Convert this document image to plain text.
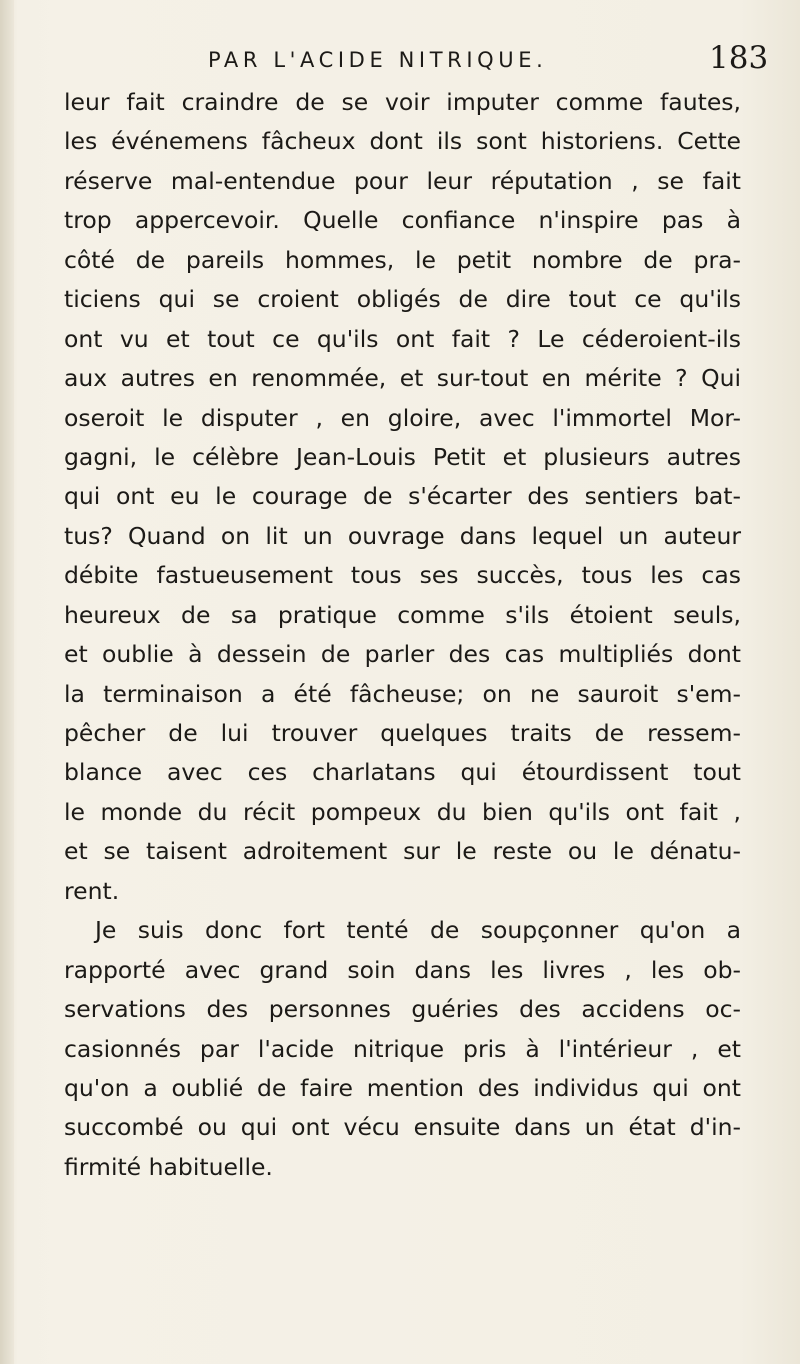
PAR L'ACIDE NITRIQUE.	183
leur fait craindre de se voir imputer comme fautes,
les événemens fâcheux dont ils sont historiens. Cette
réserve mal-entendue pour leur réputation , se fait
trop appercevoir. Quelle confiance n'inspire pas à
côté de pareils hommes, le petit nombre de pra-
ticiens qui se croient obligés de dire tout ce qu'ils
ont vu et tout ce qu'ils ont fait ? Le céderoient-ils
aux autres en renommée, et sur-tout en mérite ? Qui
oseroit le disputer , en gloire, avec l'immortel Mor-
gagni, le célèbre Jean-Louis Petit et plusieurs autres
qui ont eu le courage de s'écarter des sentiers bat-
tus? Quand on lit un ouvrage dans lequel un auteur
débite fastueusement tous ses succès, tous les cas
heureux de sa pratique comme s'ils étoient seuls,
et oublie à dessein de parler des cas multipliés dont
la terminaison a été fâcheuse; on ne sauroit s'em-
pêcher de lui trouver quelques traits de ressem-
blance avec ces charlatans qui étourdissent tout
le monde du récit pompeux du bien qu'ils ont fait ,
et se taisent adroitement sur le reste ou le dénatu-
rent.
Je suis donc fort tenté de soupçonner qu'on a
rapporté avec grand soin dans les livres , les ob-
servations des personnes guéries des accidens oc-
casionnés par l'acide nitrique pris à l'intérieur , et
qu'on a oublié de faire mention des individus qui ont
succombé ou qui ont vécu ensuite dans un état d'in-
firmité habituelle.
